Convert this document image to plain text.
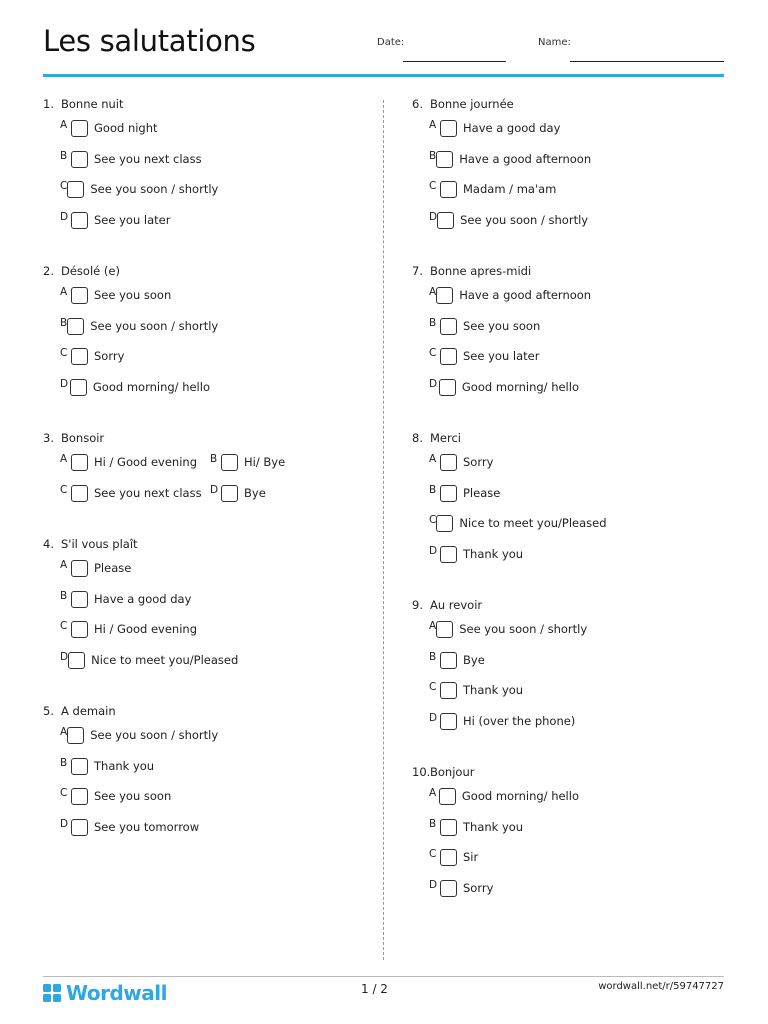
Les salutations	Date:	Name:
1. Bonne nuit
A	Good night
B	See you next class
C See you soon / shortly
D See you later
2. Désolé (e)
A	See you soon
B See you soon / shortly
C	Sorry
D Good morning/ hello
3. Bonsoir
A	Hi / Good evening B	Hi/ Bye
C	See you next class D Bye
4. S'il vous plaît
A	Please
B	Have a good day
C	Hi / Good evening
D Nice to meet you/Pleased
5. A demain
A See you soon / shortly
B	Thank you
C	See you soon
D See you tomorrow
6. Bonne journée
A	Have a good day
B Have a good afternoon
C	Madam / ma'am
D See you soon / shortly
7. Bonne apres-midi
A Have a good afternoon
B	See you soon
C	See you later
D Good morning/ hello
8. Merci
A	Sorry
B	Please
C Nice to meet you/Pleased
D Thank you
9. Au revoir
A See you soon / shortly
B	Bye
C	Thank you
D Hi (over the phone)
10. Bonjour
A Good morning/ hello
B	Thank you
C	Sir
D Sorry
Wordwall	1 / 2	wordwall.net/r/59747727
